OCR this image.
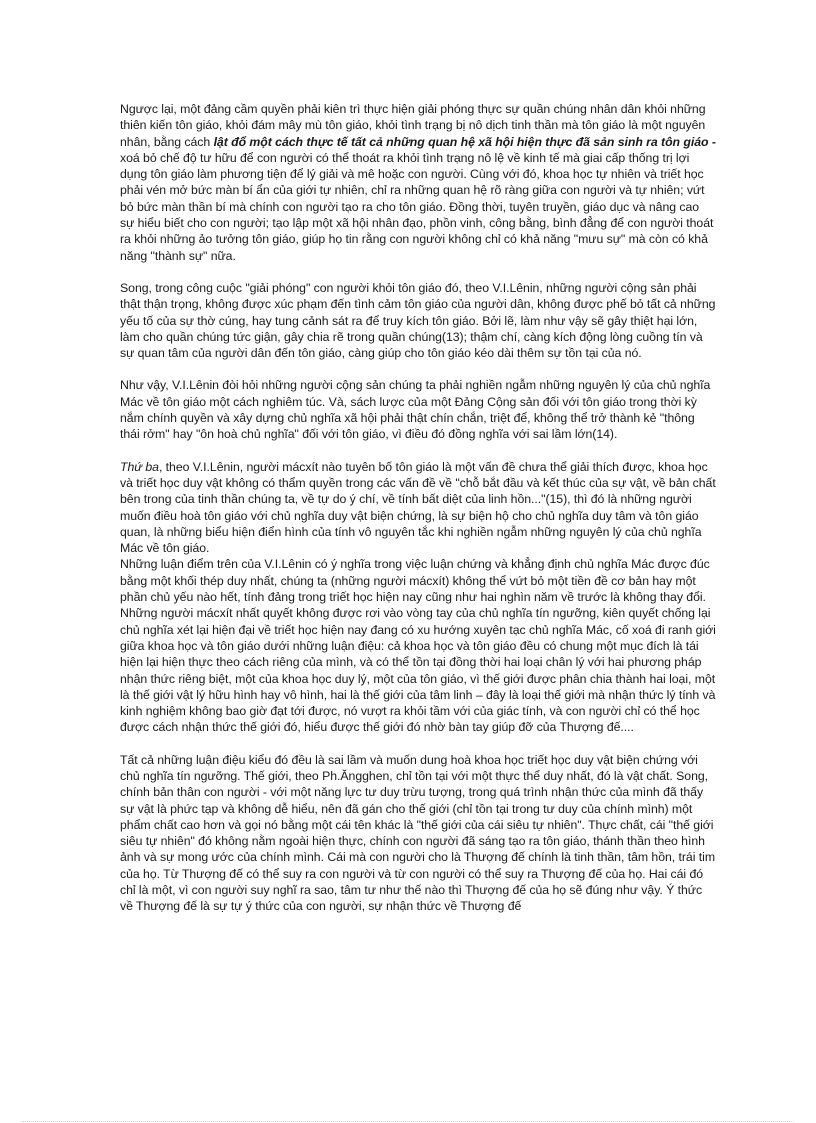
Ngược lại, một đảng cầm quyền phải kiên trì thực hiện giải phóng thực sự quần chúng nhân dân khỏi những thiên kiến tôn giáo, khỏi đám mây mù tôn giáo, khỏi tình trạng bị nô dịch tinh thần mà tôn giáo là một nguyên nhân, bằng cách lật đổ một cách thực tế tất cả những quan hệ xã hội hiện thực đã sản sinh ra tôn giáo -xoá bỏ chế độ tư hữu để con người có thể thoát ra khỏi tình trạng nô lệ về kinh tế mà giai cấp thống trị lợi dụng tôn giáo làm phương tiện để lý giải và mê hoặc con người. Cùng với đó, khoa học tự nhiên và triết học phải vén mở bức màn bí ẩn của giới tự nhiên, chỉ ra những quan hệ rõ ràng giữa con người và tự nhiên; vứt bỏ bức màn thần bí mà chính con người tạo ra cho tôn giáo. Đồng thời, tuyên truyền, giáo dục và nâng cao sự hiểu biết cho con người; tạo lập một xã hội nhân đạo, phồn vinh, công bằng, bình đẳng để con người thoát ra khỏi những ảo tưởng tôn giáo, giúp họ tin rằng con người không chỉ có khả năng "mưu sự" mà còn có khả năng "thành sự" nữa.

Song, trong công cuộc "giải phóng" con người khỏi tôn giáo đó, theo V.I.Lênin, những người cộng sản phải thật thận trọng, không được xúc phạm đến tình cảm tôn giáo của người dân, không được phế bỏ tất cả những yếu tố của sự thờ cúng, hay tung cảnh sát ra để truy kích tôn giáo. Bởi lẽ, làm như vậy sẽ gây thiệt hại lớn, làm cho quần chúng tức giận, gây chia rẽ trong quần chúng(13); thậm chí, càng kích động lòng cuồng tín và sự quan tâm của người dân đến tôn giáo, càng giúp cho tôn giáo kéo dài thêm sự tồn tại của nó.

Như vậy, V.I.Lênin đòi hỏi những người cộng sản chúng ta phải nghiền ngẫm những nguyên lý của chủ nghĩa Mác về tôn giáo một cách nghiêm túc. Và, sách lược của một Đảng Cộng sản đối với tôn giáo trong thời kỳ nắm chính quyền và xây dựng chủ nghĩa xã hội phải thật chín chắn, triệt để, không thể trở thành kẻ "thông thái rởm" hay "ôn hoà chủ nghĩa" đối với tôn giáo, vì điều đó đồng nghĩa với sai lầm lớn(14).

Thứ ba, theo V.I.Lênin, người mácxít nào tuyên bố tôn giáo là một vấn đề chưa thể giải thích được, khoa học và triết học duy vật không có thẩm quyền trong các vấn đề về "chỗ bắt đầu và kết thúc của sự vật, về bản chất bên trong của tinh thần chúng ta, về tự do ý chí, về tính bất diệt của linh hồn..."(15), thì đó là những người muốn điều hoà tôn giáo với chủ nghĩa duy vật biện chứng, là sự biện hộ cho chủ nghĩa duy tâm và tôn giáo quan, là những biểu hiện điển hình của tính vô nguyên tắc khi nghiền ngẫm những nguyên lý của chủ nghĩa Mác về tôn giáo.

Những luận điểm trên của V.I.Lênin có ý nghĩa trong việc luận chứng và khẳng định chủ nghĩa Mác được đúc bằng một khối thép duy nhất, chúng ta (những người mácxít) không thể vứt bỏ một tiền đề cơ bản hay một phần chủ yếu nào hết, tính đảng trong triết học hiện nay cũng như hai nghìn năm về trước là không thay đổi. Những người mácxít nhất quyết không được rơi vào vòng tay của chủ nghĩa tín ngưỡng, kiên quyết chống lại chủ nghĩa xét lại hiện đại về triết học hiện nay đang có xu hướng xuyên tạc chủ nghĩa Mác, cố xoá đi ranh giới giữa khoa học và tôn giáo dưới những luận điệu: cả khoa học và tôn giáo đều có chung một mục đích là tái hiện lại hiện thực theo cách riêng của mình, và có thể tồn tại đồng thời hai loại chân lý với hai phương pháp nhận thức riêng biệt, một của khoa học duy lý, một của tôn giáo, vì thế giới được phân chia thành hai loại, một là thế giới vật lý hữu hình hay vô hình, hai là thế giới của tâm linh – đây là loại thế giới mà nhận thức lý tính và kinh nghiệm không bao giờ đạt tới được, nó vượt ra khỏi tầm với của giác tính, và con người chỉ có thể học được cách nhận thức thế giới đó, hiểu được thế giới đó nhờ bàn tay giúp đỡ của Thượng đế....

Tất cả những luận điệu kiểu đó đều là sai lầm và muốn dung hoà khoa học triết học duy vật biện chứng với chủ nghĩa tín ngưỡng. Thế giới, theo Ph.Ăngghen, chỉ tồn tại với một thực thể duy nhất, đó là vật chất. Song, chính bản thân con người - với một năng lực tư duy trừu tượng, trong quá trình nhận thức của mình đã thấy sự vật là phức tạp và không dễ hiểu, nên đã gán cho thế giới (chỉ tồn tại trong tư duy của chính mình) một phẩm chất cao hơn và gọi nó bằng một cái tên khác là "thế giới của cái siêu tự nhiên". Thực chất, cái "thế giới siêu tự nhiên" đó không nằm ngoài hiện thực, chính con người đã sáng tạo ra tôn giáo, thánh thần theo hình ảnh và sự mong ước của chính mình. Cái mà con người cho là Thượng đế chính là tinh thần, tâm hồn, trái tim của họ. Từ Thượng đế có thể suy ra con người và từ con người có thể suy ra Thượng đế của họ. Hai cái đó chỉ là một, vì con người suy nghĩ ra sao, tâm tư như thế nào thì Thượng đế của họ sẽ đúng như vậy. Ý thức về Thượng đế là sự tự ý thức của con người, sự nhận thức về Thượng đế
